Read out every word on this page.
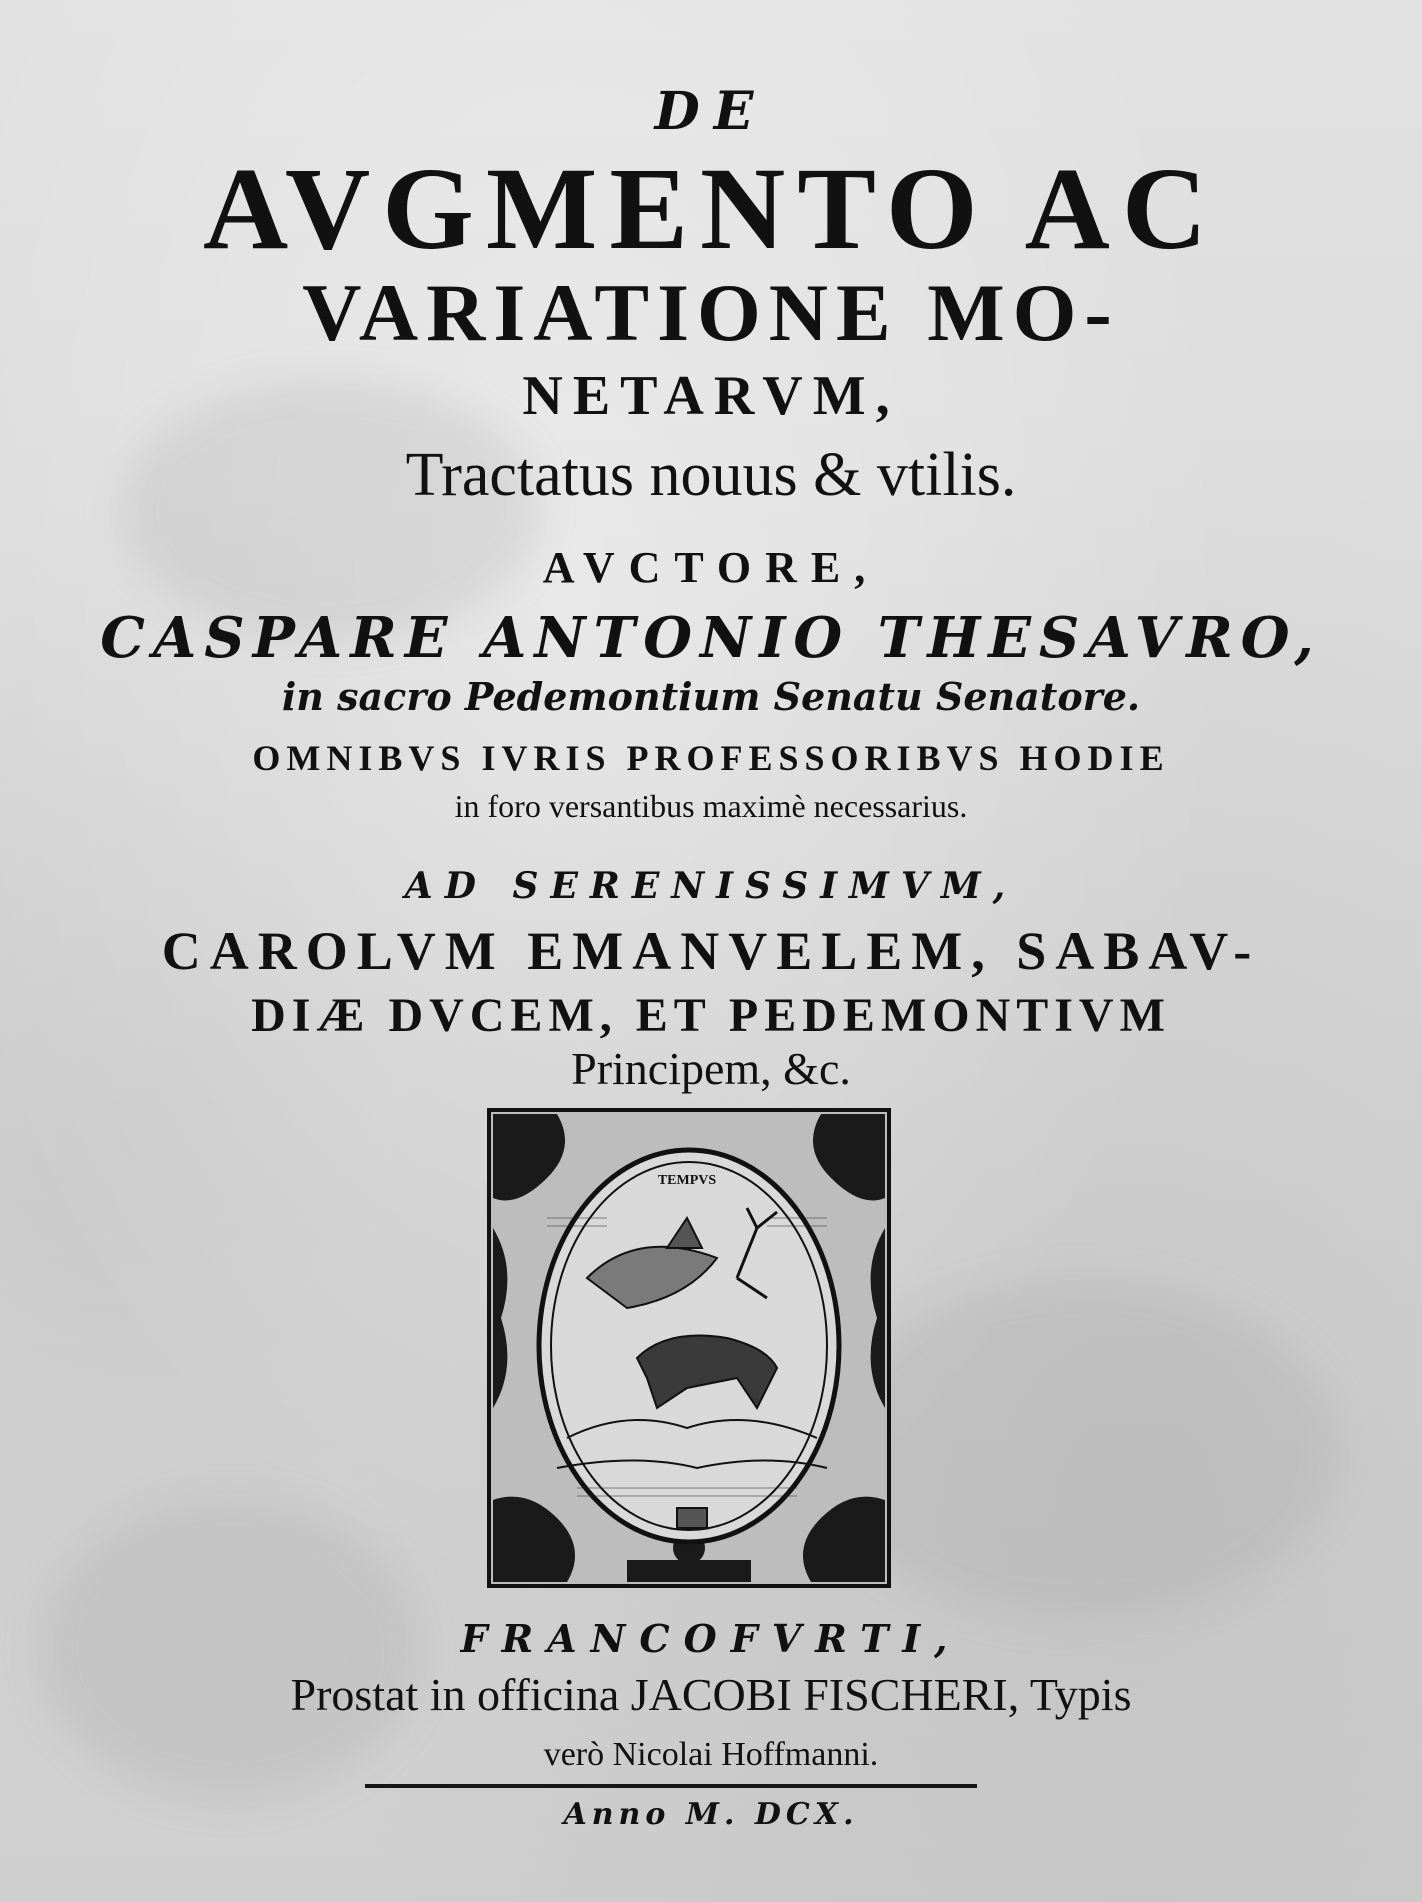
DE
AVGMENTO AC
VARIATIONE MO-
NETARVM,
Tractatus nouus & vtilis.
AVCTORE,
CASPARE ANTONIO THESAVRO,
in sacro Pedemontium Senatu Senatore.
OMNIBVS IVRIS PROFESSORIBVS HODIE
in foro versantibus maximè necessarius.
AD SERENISSIMVM,
CAROLVM EMANVELEM, SABAV-
DIÆ DVCEM, ET PEDEMONTIVM
Principem, &c.
TEMPVS
FRANCOFVRTI,
Prostat in officina JACOBI FISCHERI, Typis
verò Nicolai Hoffmanni.
Anno M. DCX.
